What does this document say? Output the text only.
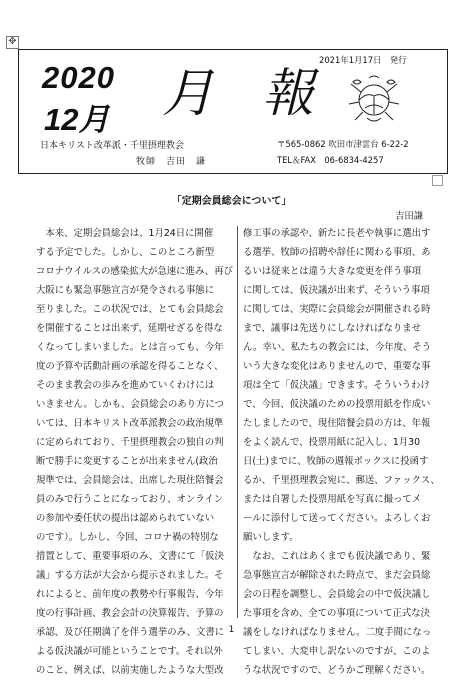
✥
2021年1月17日　発行
2020
12月 月報
日本キリスト改革派・千里摂理教会
牧師　吉田　謙
〒565-0862 吹田市津雲台 6-22-2
TEL＆FAX　06-6834-4257
「定期会員総会について」
吉田謙
　本来、定期会員総会は、1月24日に開催
する予定でした。しかし、このところ新型
コロナウイルスの感染拡大が急速に進み、再び
大阪にも緊急事態宣言が発令される事態に
至りました。この状況では、とても会員総会
を開催することは出来ず、延期せざるを得な
くなってしまいました。とは言っても、今年
度の予算や活動計画の承認を得ることなく、
そのまま教会の歩みを進めていくわけには
いきません。しかも、会員総会のあり方につ
いては、日本キリスト改革派教会の政治規準
に定められており、千里摂理教会の独自の判
断で勝手に変更することが出来ません(政治
規準では、会員総会は、出席した現住陪餐会
員のみで行うことになっており、オンライン
の参加や委任状の提出は認められていない
のです）。しかし、今回、コロナ禍の特別な
措置として、重要事項のみ、文書にて「仮決
議」する方法が大会から提示されました。そ
れによると、前年度の教勢や行事報告、今年
度の行事計画、教会会計の決算報告、予算の
承認、及び任期満了を伴う選挙のみ、文書に
よる仮決議が可能ということです。それ以外
のこと、例えば、以前実施したような大型改
修工事の承認や、新たに長老や執事に選出す
る選挙、牧師の招聘や辞任に関わる事項、あ
るいは従来とは違う大きな変更を伴う事項
に関しては、仮決議が出来ず、そういう事項
に関しては、実際に会員総会が開催される時
まで、議事は先送りにしなければなりませ
ん。幸い、私たちの教会には、今年度、そう
いう大きな変化はありませんので、重要な事
項は全て「仮決議」できます。そういうわけ
で、今回、仮決議のための投票用紙を作成い
たしましたので、現住陪餐会員の方は、年報
をよく読んで、投票用紙に記入し、1月30
日(土)までに、牧師の週報ボックスに投函す
るか、千里摂理教会宛に、郵送、ファックス、
または自署した投票用紙を写真に撮ってメ
ールに添付して送ってください。よろしくお
願いします。
　なお、これはあくまでも仮決議であり、緊
急事態宣言が解除された時点で、まだ会員総
会の日程を調整し、会員総会の中で仮決議し
た事項を含め、全ての事項について正式な決
議をしなければなりません。二度手間になっ
てしまい、大変申し訳ないのですが、このよ
うな状況ですので、どうかご理解ください。
1
